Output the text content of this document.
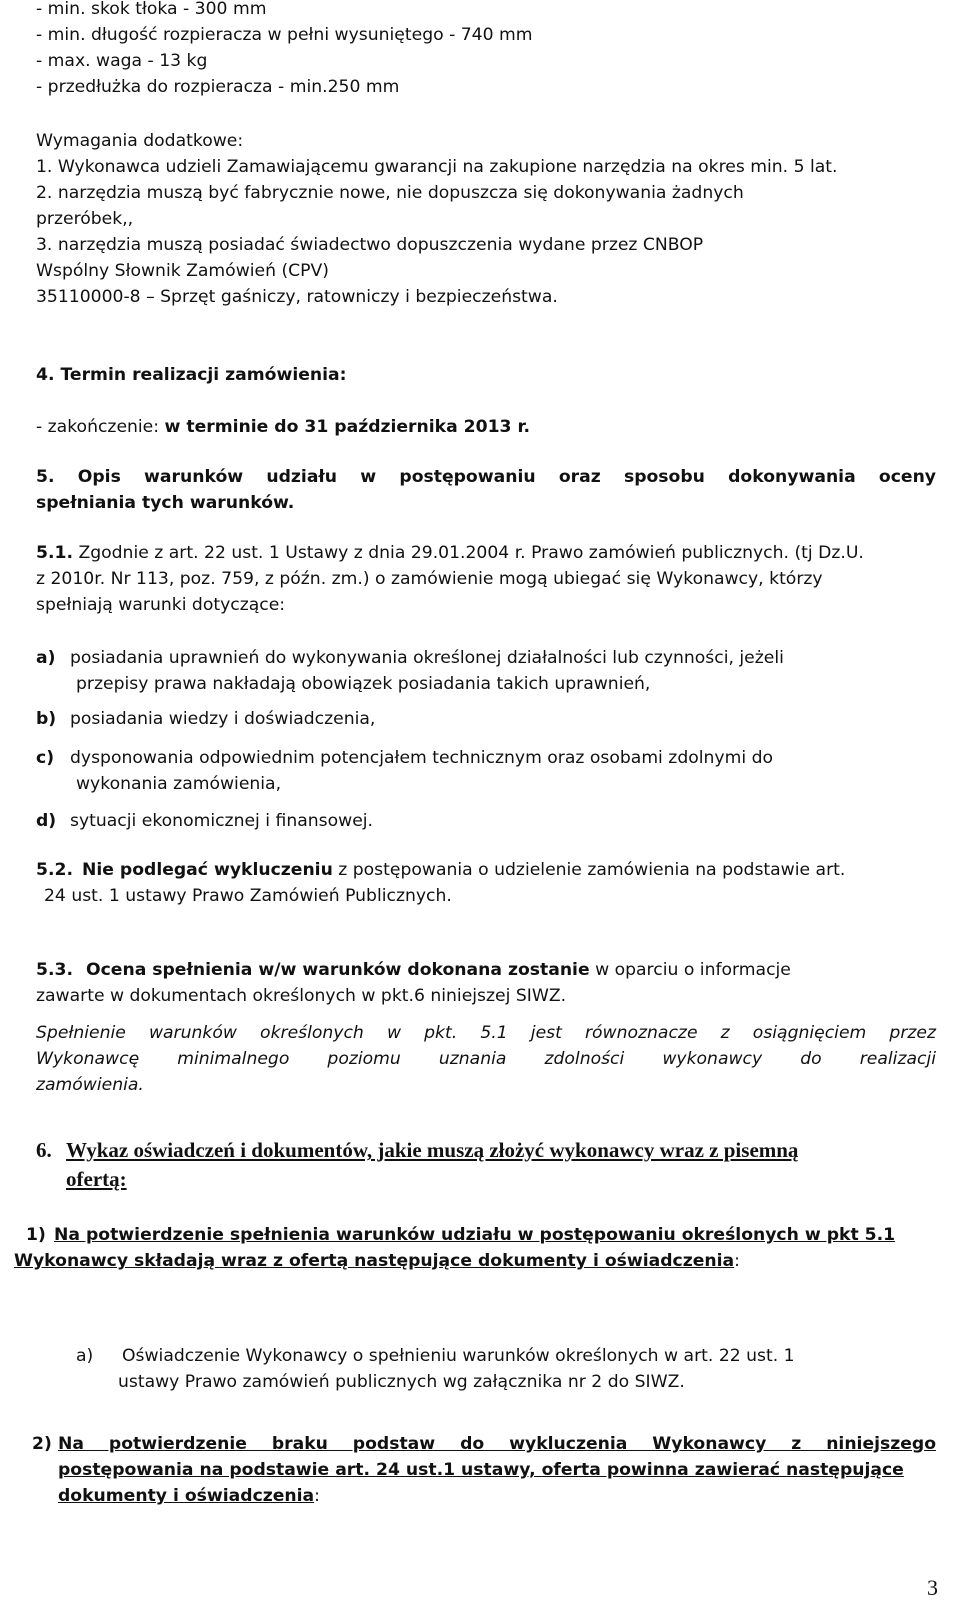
- min. skok tłoka - 300 mm
- min. długość rozpieracza w pełni wysuniętego - 740 mm
- max. waga - 13 kg
- przedłużka do rozpieracza - min.250 mm
Wymagania dodatkowe:
1. Wykonawca udzieli Zamawiającemu gwarancji na zakupione narzędzia na okres min. 5 lat.
2. narzędzia muszą być fabrycznie nowe, nie dopuszcza się dokonywania żadnych
przeróbek,,
3. narzędzia muszą posiadać świadectwo dopuszczenia wydane przez CNBOP
Wspólny Słownik Zamówień (CPV)
35110000-8 – Sprzęt gaśniczy, ratowniczy i bezpieczeństwa.
4. Termin realizacji zamówienia:
- zakończenie: w terminie do 31 października 2013 r.
5. Opis warunków udziału w postępowaniu oraz sposobu dokonywania oceny
spełniania tych warunków.
5.1. Zgodnie z art. 22 ust. 1 Ustawy z dnia 29.01.2004 r. Prawo zamówień publicznych. (tj Dz.U.
z 2010r. Nr 113, poz. 759, z późn. zm.) o zamówienie mogą ubiegać się Wykonawcy, którzy
spełniają warunki dotyczące:
a) posiadania uprawnień do wykonywania określonej działalności lub czynności, jeżeli
przepisy prawa nakładają obowiązek posiadania takich uprawnień,
b) posiadania wiedzy i doświadczenia,
c) dysponowania odpowiednim potencjałem technicznym oraz osobami zdolnymi do
wykonania zamówienia,
d) sytuacji ekonomicznej i finansowej.
5.2. Nie podlegać wykluczeniu z postępowania o udzielenie zamówienia na podstawie art.
24 ust. 1 ustawy Prawo Zamówień Publicznych.
5.3. Ocena spełnienia w/w warunków dokonana zostanie w oparciu o informacje
zawarte w dokumentach określonych w pkt.6 niniejszej SIWZ.
Spełnienie warunków określonych w pkt. 5.1 jest równoznacze z osiągnięciem przez
Wykonawcę minimalnego poziomu uznania zdolności wykonawcy do realizacji
zamówienia.
6. Wykaz oświadczeń i dokumentów, jakie muszą złożyć wykonawcy wraz z pisemną
ofertą:
1) Na potwierdzenie spełnienia warunków udziału w postępowaniu określonych w pkt 5.1
Wykonawcy składają wraz z ofertą następujące dokumenty i oświadczenia:
a) Oświadczenie Wykonawcy o spełnieniu warunków określonych w art. 22 ust. 1
ustawy Prawo zamówień publicznych wg załącznika nr 2 do SIWZ.
2) Na potwierdzenie braku podstaw do wykluczenia Wykonawcy z niniejszego
postępowania na podstawie art. 24 ust.1 ustawy, oferta powinna zawierać następujące
dokumenty i oświadczenia:
3
